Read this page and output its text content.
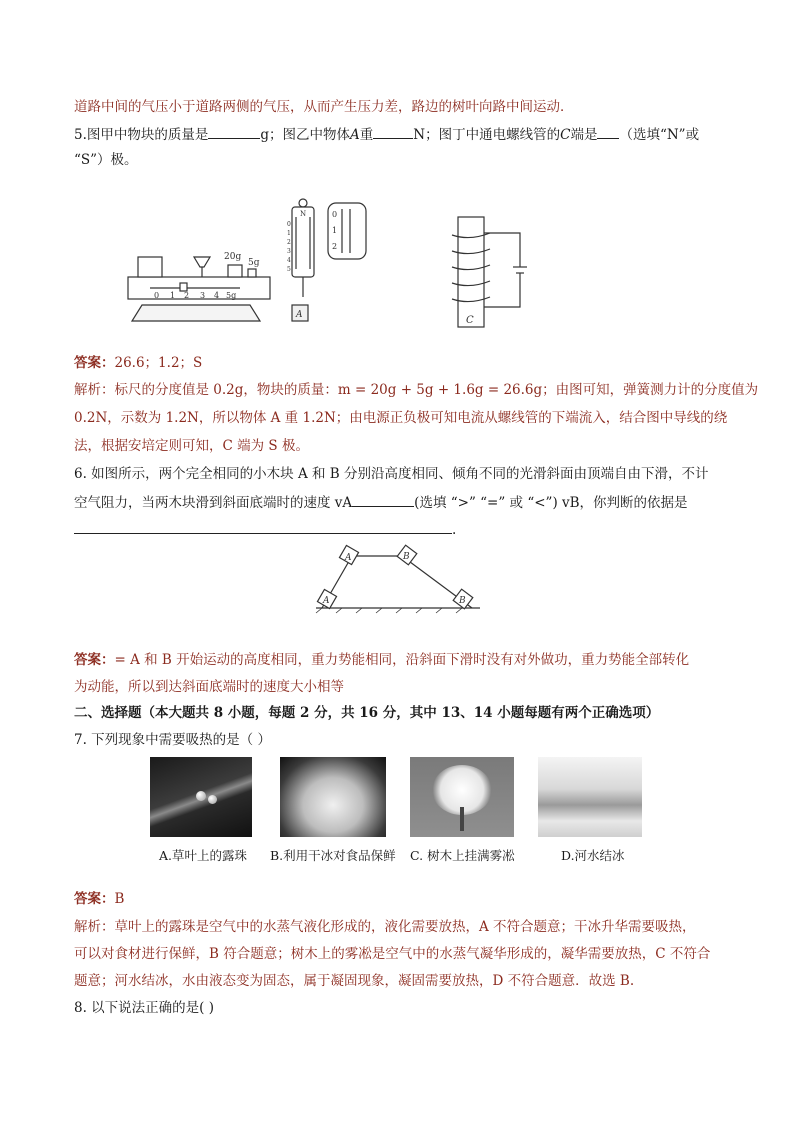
道路中间的气压小于道路两侧的气压，从而产生压力差，路边的树叶向路中间运动．
5.图甲中物块的质量是	g；图乙中物体A重	N；图丁中通电螺线管的C端是 （选填“N”或
“S”）极。
0 1 2 3 4 5g
20g
5g
N
0
1
2
3
4
5
A
0
1
2
C
答案：26.6；1.2；S
解析：标尺的分度值是 0.2g，物块的质量：m = 20g + 5g + 1.6g = 26.6g；由图可知，弹簧测力计的分度值为
0.2N，示数为 1.2N，所以物体 A 重 1.2N；由电源正负极可知电流从螺线管的下端流入，结合图中导线的绕
法，根据安培定则可知，C 端为 S 极。
6. 如图所示，两个完全相同的小木块 A 和 B 分别沿高度相同、倾角不同的光滑斜面由顶端自由下滑，不计
空气阻力，当两木块滑到斜面底端时的速度 vA	(选填 “>” “=” 或 “<”) vB，你判断的依据是
.
A	B
A	B
答案：= A 和 B 开始运动的高度相同，重力势能相同，沿斜面下滑时没有对外做功，重力势能全部转化
为动能，所以到达斜面底端时的速度大小相等
二、选择题（本大题共 8 小题，每题 2 分，共 16 分，其中 13、14 小题每题有两个正确选项）
7. 下列现象中需要吸热的是（ ）
A.草叶上的露珠 B.利用干冰对食品保鲜 C. 树木上挂满雾凇	D.河水结冰
答案：B
解析：草叶上的露珠是空气中的水蒸气液化形成的，液化需要放热，A 不符合题意；干冰升华需要吸热，
可以对食材进行保鲜，B 符合题意；树木上的雾凇是空气中的水蒸气凝华形成的，凝华需要放热，C 不符合
题意；河水结冰，水由液态变为固态，属于凝固现象，凝固需要放热，D 不符合题意．故选 B.
8. 以下说法正确的是( )
